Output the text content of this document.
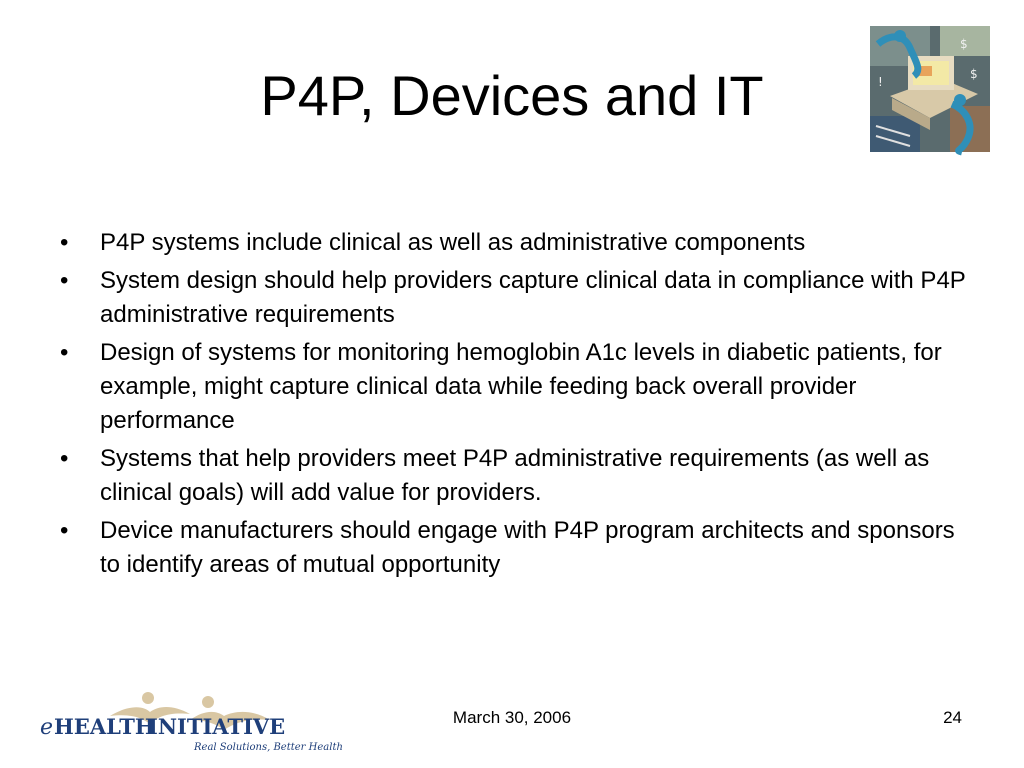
P4P, Devices and IT
$
$
!
• P4P systems include clinical as well as administrative components
• System design should help providers capture clinical data in compliance with P4P administrative requirements
• Design of systems for monitoring hemoglobin A1c levels in diabetic patients, for example, might capture clinical data while feeding back overall provider performance
• Systems that help providers meet P4P administrative requirements (as well as clinical goals) will add value for providers.
• Device manufacturers should engage with P4P program architects and sponsors to identify areas of mutual opportunity
e HEALTH
INITIATIVE
Real Solutions, Better Health
March 30, 2006	24
